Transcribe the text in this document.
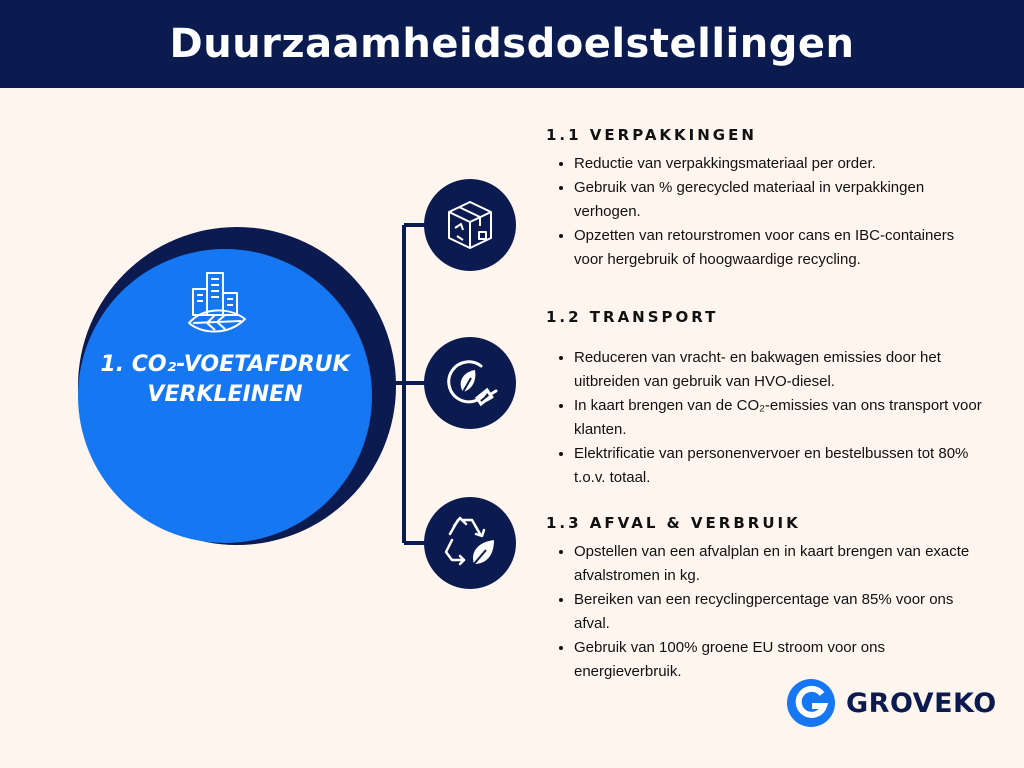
Duurzaamheidsdoelstellingen
1. CO₂-VOETAFDRUK
VERKLEINEN
1.1 VERPAKKINGEN
• Reductie van verpakkingsmateriaal per order.
• Gebruik van % gerecycled materiaal in verpakkingen verhogen.
• Opzetten van retourstromen voor cans en IBC-containers voor hergebruik of hoogwaardige recycling.
1.2 TRANSPORT
• Reduceren van vracht- en bakwagen emissies door het uitbreiden van gebruik van HVO-diesel.
• In kaart brengen van de CO₂-emissies van ons transport voor klanten.
• Elektrificatie van personenvervoer en bestelbussen tot 80% t.o.v. totaal.
1.3 AFVAL & VERBRUIK
• Opstellen van een afvalplan en in kaart brengen van exacte afvalstromen in kg.
• Bereiken van een recyclingpercentage van 85% voor ons afval.
• Gebruik van 100% groene EU stroom voor ons energieverbruik.
GROVEKO
